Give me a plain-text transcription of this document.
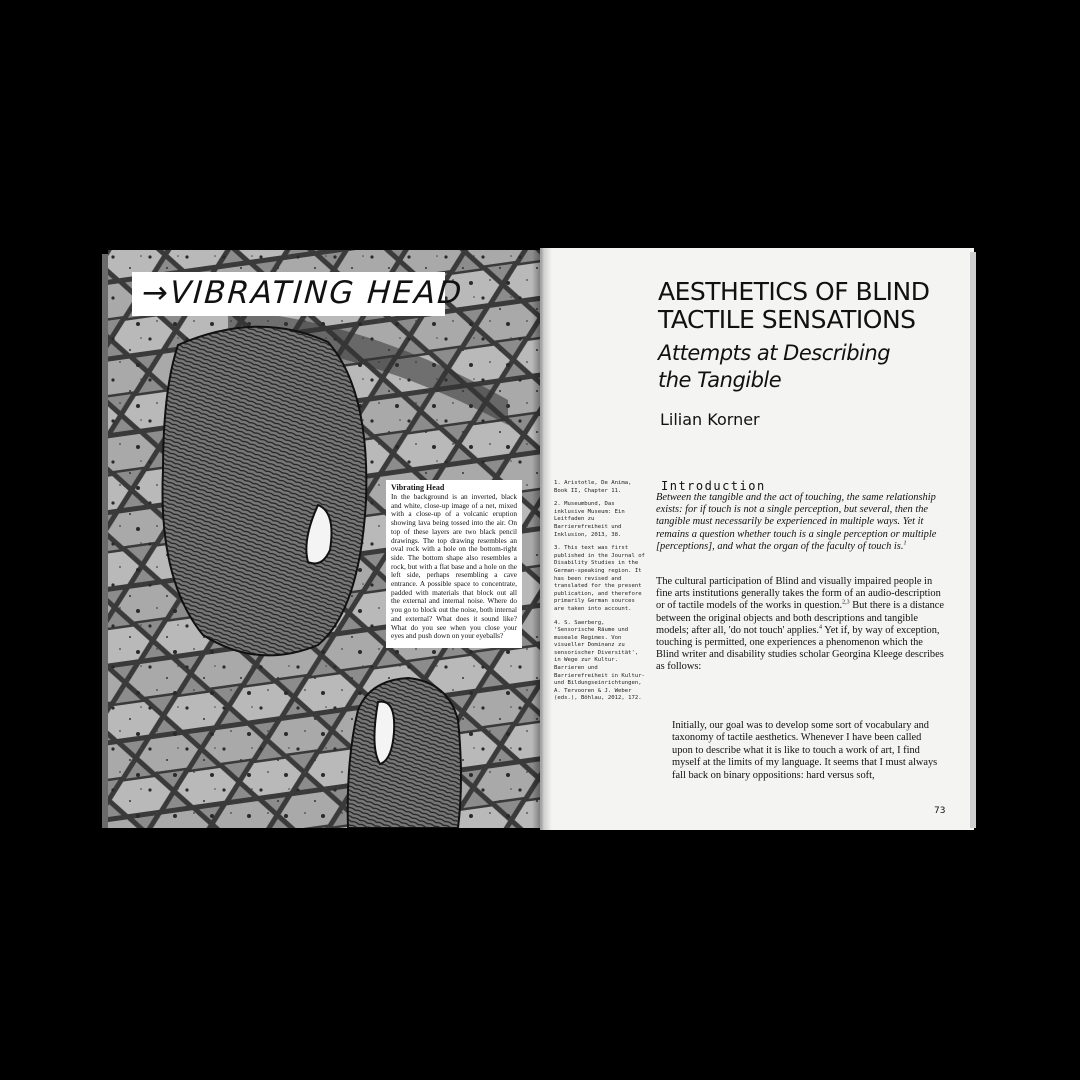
→VIBRATING HEAD
Vibrating Head
In the background is an inverted, black and white, close-up image of a net, mixed with a close-up of a volcanic eruption showing lava being tossed into the air. On top of these layers are two black pencil drawings. The top drawing resembles an oval rock with a hole on the bottom-right side. The bottom shape also resembles a rock, but with a flat base and a hole on the left side, perhaps resembling a cave entrance. A possible space to concentrate, padded with materials that block out all the external and internal noise. Where do you go to block out the noise, both internal and external? What does it sound like? What do you see when you close your eyes and push down on your eyeballs?
1. Aristotle, De Anima, Book II, Chapter 11.
2. Museumbund, Das inklusive Museum: Ein Leitfaden zu Barrierefreiheit und Inklusion, 2013, 38.
3. This text was first published in the Journal of Disability Studies in the German-speaking region. It has been revised and translated for the present publication, and therefore primarily German sources are taken into account.
4. S. Saerberg, 'Sensorische Räume und museale Regimes. Von visueller Dominanz zu sensorischer Diversität', in Wege zur Kultur. Barrieren und Barrierefreiheit in Kultur- und Bildungseinrichtungen, A. Tervooren & J. Weber (eds.), Böhlau, 2012, 172.
AESTHETICS OF BLIND
TACTILE SENSATIONS
Attempts at Describing
the Tangible
Lilian Korner
Introduction
Between the tangible and the act of touching, the same relationship exists: for if touch is not a single perception, but several, then the tangible must necessarily be experienced in multiple ways. Yet it remains a question whether touch is a single perception or multiple [perceptions], and what the organ of the faculty of touch is.$^1$
The cultural participation of Blind and visually impaired people in fine arts institutions generally takes the form of an audio-description or of tactile models of the works in question.$^{2,3}$ But there is a distance between the original objects and both descriptions and tangible models; after all, 'do not touch' applies.$^4$ Yet if, by way of exception, touching is permitted, one experiences a phenomenon which the Blind writer and disability studies scholar Georgina Kleege describes as follows:
Initially, our goal was to develop some sort of vocabulary and taxonomy of tactile aesthetics. Whenever I have been called upon to describe what it is like to touch a work of art, I find myself at the limits of my language. It seems that I must always fall back on binary oppositions: hard versus soft,
73
